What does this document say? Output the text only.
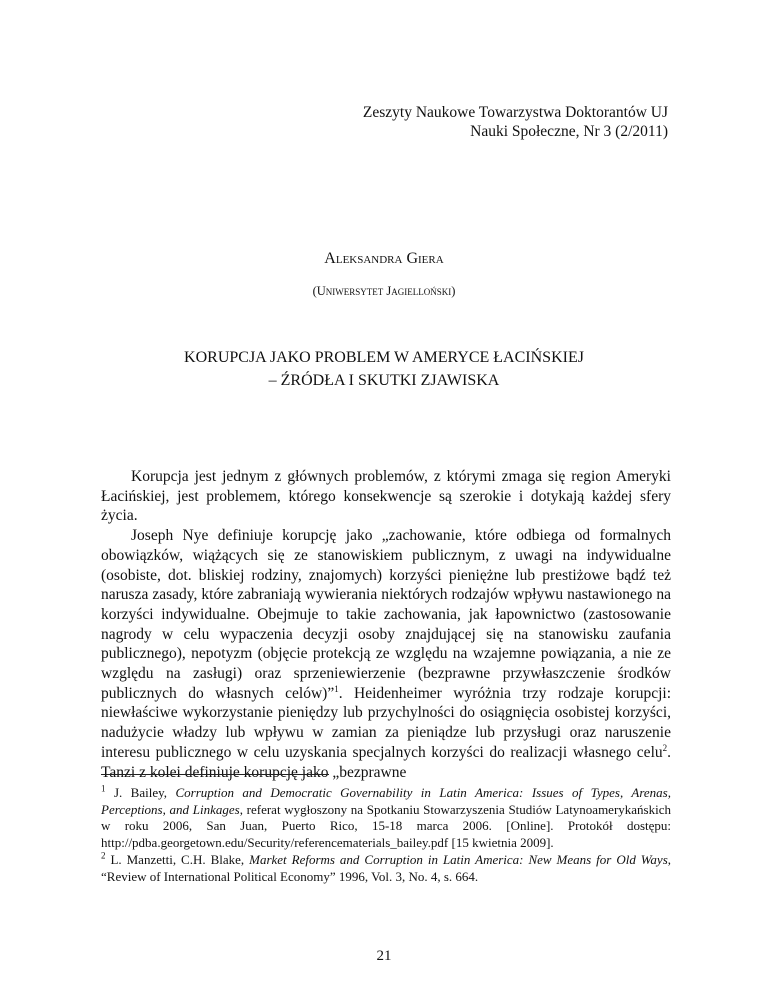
Zeszyty Naukowe Towarzystwa Doktorantów UJ
Nauki Społeczne, Nr 3 (2/2011)
Aleksandra Giera
(Uniwersytet Jagielloński)
KORUPCJA JAKO PROBLEM W AMERYCE ŁACIŃSKIEJ
– ŹRÓDŁA I SKUTKI ZJAWISKA

Korupcja jest jednym z głównych problemów, z którymi zmaga się region Ameryki Łacińskiej, jest problemem, którego konsekwencje są szerokie i dotykają każdej sfery życia.

Joseph Nye definiuje korupcję jako „zachowanie, które odbiega od formalnych obowiązków, wiążących się ze stanowiskiem publicznym, z uwagi na indywidualne (osobiste, dot. bliskiej rodziny, znajomych) korzyści pieniężne lub prestiżowe bądź też narusza zasady, które zabraniają wywierania niektórych rodzajów wpływu nastawionego na korzyści indywidualne. Obejmuje to takie zachowania, jak łapownictwo (zastosowanie nagrody w celu wypaczenia decyzji osoby znajdującej się na stanowisku zaufania publicznego), nepotyzm (objęcie protekcją ze względu na wzajemne powiązania, a nie ze względu na zasługi) oraz sprzeniewierzenie (bezprawne przywłaszczenie środków publicznych do własnych celów)”$^1$. Heidenheimer wyróżnia trzy rodzaje korupcji: niewłaściwe wykorzystanie pieniędzy lub przychylności do osiągnięcia osobistej korzyści, nadużycie władzy lub wpływu w zamian za pieniądze lub przysługi oraz naruszenie interesu publicznego w celu uzyskania specjalnych korzyści do realizacji własnego celu$^2$. Tanzi z kolei definiuje korupcję jako „bezprawne

$^1$ J. Bailey, Corruption and Democratic Governability in Latin America: Issues of Types, Arenas, Perceptions, and Linkages, referat wygłoszony na Spotkaniu Stowarzyszenia Studiów Latynoamerykańskich w roku 2006, San Juan, Puerto Rico, 15-18 marca 2006. [Online]. Protokół dostępu: http://pdba.georgetown.edu/Security/referencematerials_bailey.pdf [15 kwietnia 2009].

$^2$ L. Manzetti, C.H. Blake, Market Reforms and Corruption in Latin America: New Means for Old Ways, “Review of International Political Economy” 1996, Vol. 3, No. 4, s. 664.

21
